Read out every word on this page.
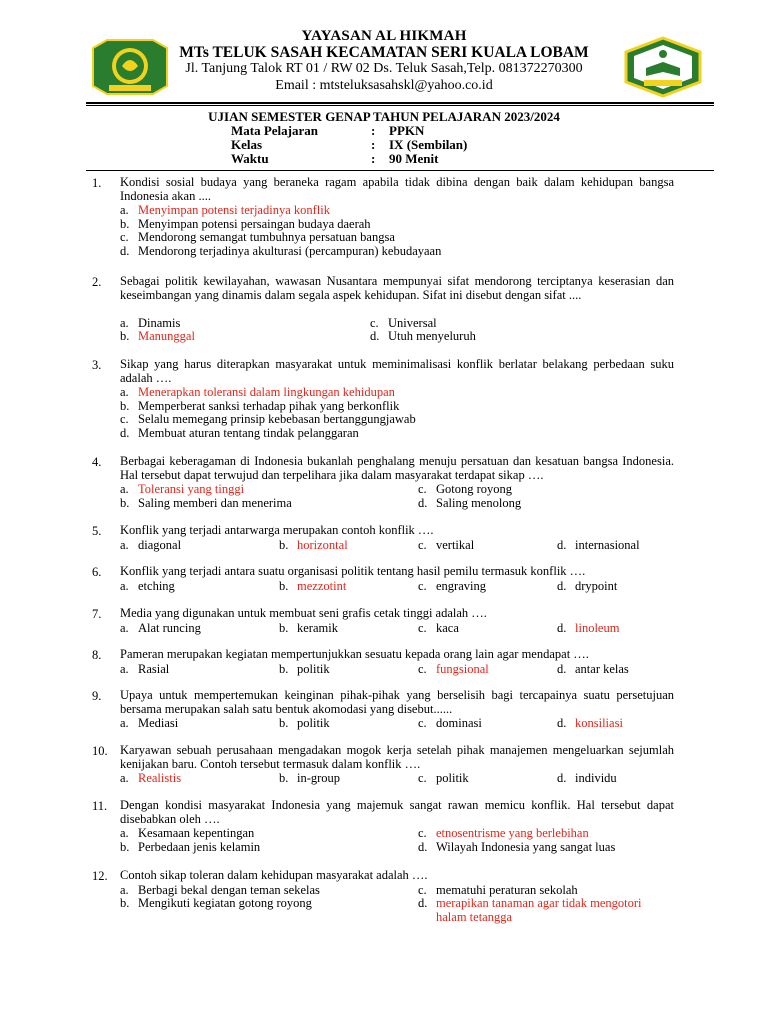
YAYASAN AL HIKMAH
MTs TELUK SASAH KECAMATAN SERI KUALA LOBAM
Jl. Tanjung Talok RT 01 / RW 02 Ds. Teluk Sasah,Telp. 081372270300
Email : mtsteluksasahskl@yahoo.co.id
UJIAN SEMESTER GENAP TAHUN PELAJARAN 2023/2024
Mata Pelajaran	: PPKN
Kelas	: IX (Sembilan)
Waktu	: 90 Menit
1. Kondisi sosial budaya yang beraneka ragam apabila tidak dibina dengan baik dalam kehidupan bangsa Indonesia akan ....
a. Menyimpan potensi terjadinya konflik
b. Menyimpan potensi persaingan budaya daerah
c. Mendorong semangat tumbuhnya persatuan bangsa
d. Mendorong terjadinya akulturasi (percampuran) kebudayaan
2. Sebagai politik kewilayahan, wawasan Nusantara mempunyai sifat mendorong terciptanya keserasian dan keseimbangan yang dinamis dalam segala aspek kehidupan. Sifat ini disebut dengan sifat ....
a. Dinamis
b. Manunggal
c. Universal
d. Utuh menyeluruh
3. Sikap yang harus diterapkan masyarakat untuk meminimalisasi konflik berlatar belakang perbedaan suku adalah ….
a. Menerapkan toleransi dalam lingkungan kehidupan
b. Memperberat sanksi terhadap pihak yang berkonflik
c. Selalu memegang prinsip kebebasan bertanggungjawab
d. Membuat aturan tentang tindak pelanggaran
4. Berbagai keberagaman di Indonesia bukanlah penghalang menuju persatuan dan kesatuan bangsa Indonesia. Hal tersebut dapat terwujud dan terpelihara jika dalam masyarakat terdapat sikap ….
a. Toleransi yang tinggi
b. Saling memberi dan menerima
c. Gotong royong
d. Saling menolong
5. Konflik yang terjadi antarwarga merupakan contoh konflik ….
a. diagonal	b. horizontal	c. vertikal	d. internasional
6. Konflik yang terjadi antara suatu organisasi politik tentang hasil pemilu termasuk konflik ….
a. etching	b. mezzotint	c. engraving	d. drypoint
7. Media yang digunakan untuk membuat seni grafis cetak tinggi adalah ….
a. Alat runcing	b. keramik	c. kaca	d. linoleum
8. Pameran merupakan kegiatan mempertunjukkan sesuatu kepada orang lain agar mendapat ….
a. Rasial	b. politik	c. fungsional	d. antar kelas
9. Upaya untuk mempertemukan keinginan pihak-pihak yang berselisih bagi tercapainya suatu persetujuan bersama merupakan salah satu bentuk akomodasi yang disebut......
a. Mediasi	b. politik	c. dominasi	d. konsiliasi
10. Karyawan sebuah perusahaan mengadakan mogok kerja setelah pihak manajemen mengeluarkan sejumlah kenijakan baru. Contoh tersebut termasuk dalam konflik ….
a. Realistis	b. in-group	c. politik	d. individu
11. Dengan kondisi masyarakat Indonesia yang majemuk sangat rawan memicu konflik. Hal tersebut dapat disebabkan oleh ….
a. Kesamaan kepentingan
b. Perbedaan jenis kelamin
c. etnosentrisme yang berlebihan
d. Wilayah Indonesia yang sangat luas
12. Contoh sikap toleran dalam kehidupan masyarakat adalah ….
a. Berbagi bekal dengan teman sekelas
b. Mengikuti kegiatan gotong royong
c. mematuhi peraturan sekolah
d. merapikan tanaman agar tidak mengotori halam tetangga
